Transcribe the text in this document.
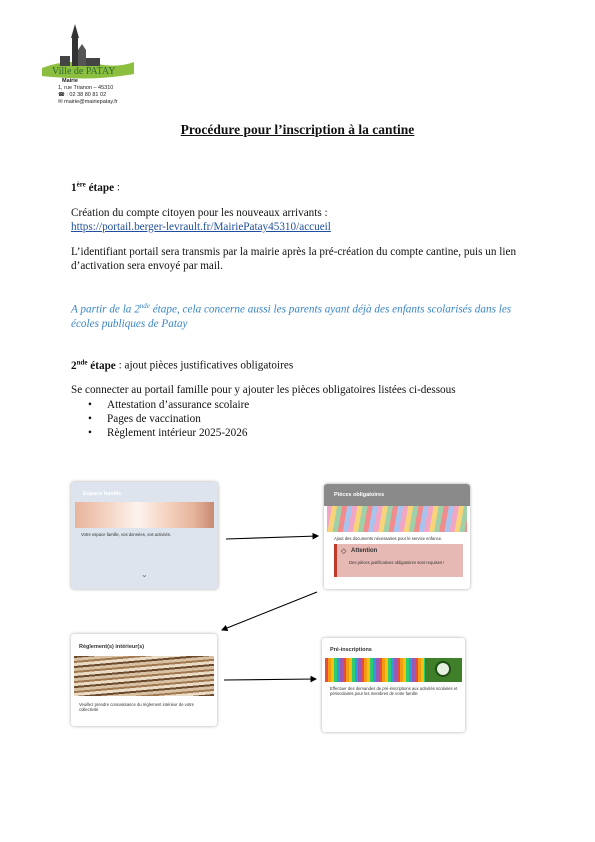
Ville de PATAY
Mairie
1, rue Trianon – 45310
☎ : 02 38 80 81 02
✉ mairie@mairiepatay.fr
Procédure pour l’inscription à la cantine
1ère étape :
Création du compte citoyen pour les nouveaux arrivants :
https://portail.berger-levrault.fr/MairiePatay45310/accueil
L’identifiant portail sera transmis par la mairie après la pré-création du compte cantine, puis un lien d’activation sera envoyé par mail.
A partir de la 2nde étape, cela concerne aussi les parents ayant déjà des enfants scolarisés dans les écoles publiques de Patay
2nde étape : ajout pièces justificatives obligatoires
Se connecter au portail famille pour y ajouter les pièces obligatoires listées ci-dessous
• Attestation d’assurance scolaire
• Pages de vaccination
• Règlement intérieur 2025-2026
Espace famille
Votre espace famille, vos données, vos activités.
⌄
Pièces obligatoires
Ajout des documents nécessaires pour le service enfance.
◇ Attention
Des pièces justificatives obligatoires sont requises !
Règlement(s) intérieur(s)
Veuillez prendre connaissance du règlement intérieur de votre collectivité
Pré-inscriptions
Effectuer des demandes de pré-inscriptions aux activités scolaires et périscolaires pour les membres de votre famille
